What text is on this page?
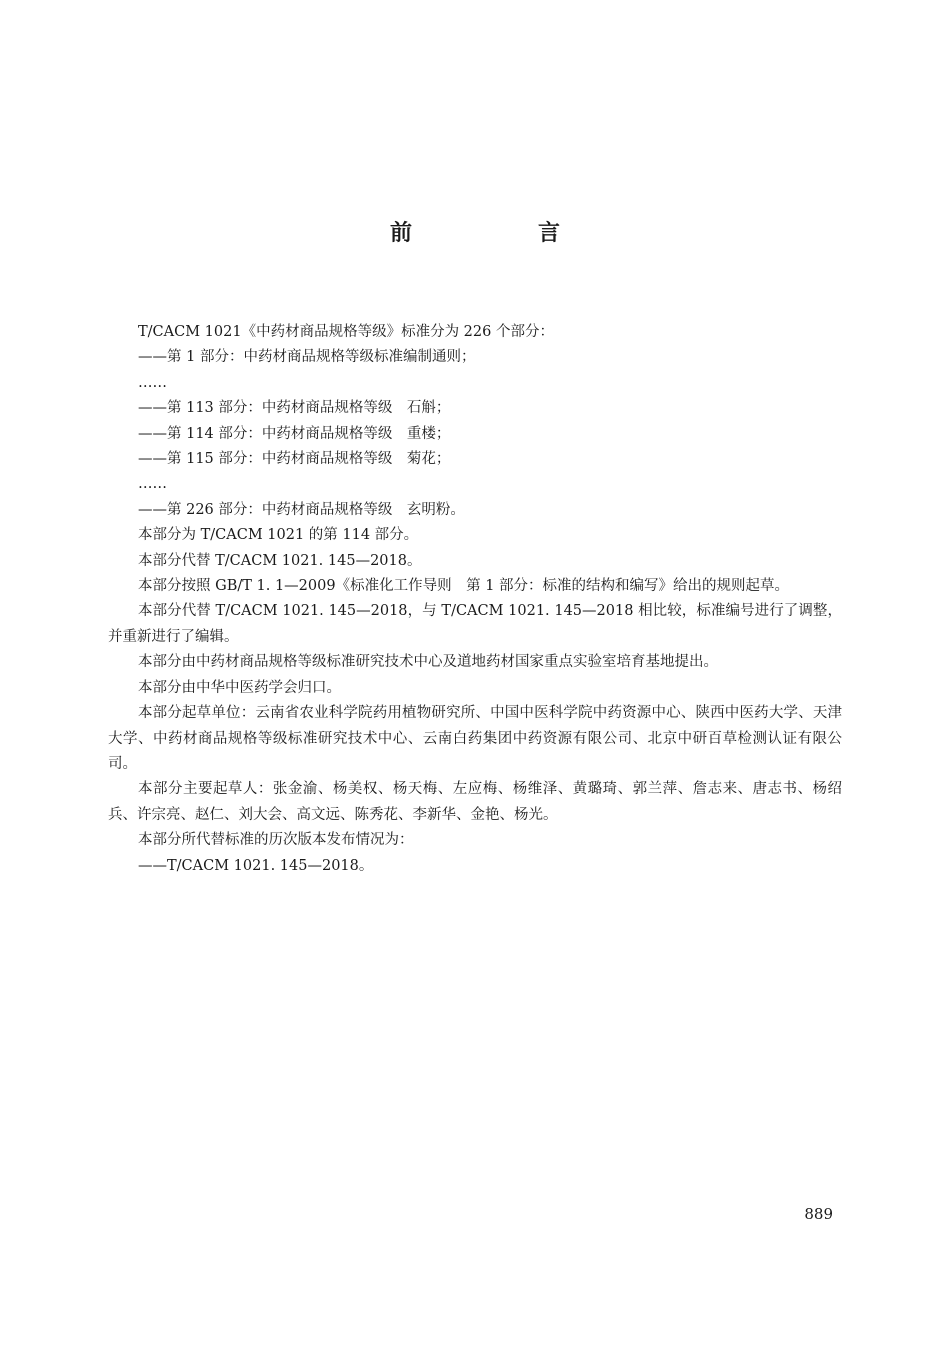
前　言

T/CACM 1021《中药材商品规格等级》标准分为 226 个部分：

——第 1 部分：中药材商品规格等级标准编制通则；

……

——第 113 部分：中药材商品规格等级　石斛；

——第 114 部分：中药材商品规格等级　重楼；

——第 115 部分：中药材商品规格等级　菊花；

……

——第 226 部分：中药材商品规格等级　玄明粉。

本部分为 T/CACM 1021 的第 114 部分。

本部分代替 T/CACM 1021. 145—2018。

本部分按照 GB/T 1. 1—2009《标准化工作导则　第 1 部分：标准的结构和编写》给出的规则起草。

本部分代替 T/CACM 1021. 145—2018，与 T/CACM 1021. 145—2018 相比较，标准编号进行了调整，并重新进行了编辑。

本部分由中药材商品规格等级标准研究技术中心及道地药材国家重点实验室培育基地提出。

本部分由中华中医药学会归口。

本部分起草单位：云南省农业科学院药用植物研究所、中国中医科学院中药资源中心、陕西中医药大学、天津大学、中药材商品规格等级标准研究技术中心、云南白药集团中药资源有限公司、北京中研百草检测认证有限公司。

本部分主要起草人：张金渝、杨美权、杨天梅、左应梅、杨维泽、黄璐琦、郭兰萍、詹志来、唐志书、杨绍兵、许宗亮、赵仁、刘大会、高文远、陈秀花、李新华、金艳、杨光。

本部分所代替标准的历次版本发布情况为：

——T/CACM 1021. 145—2018。

889
